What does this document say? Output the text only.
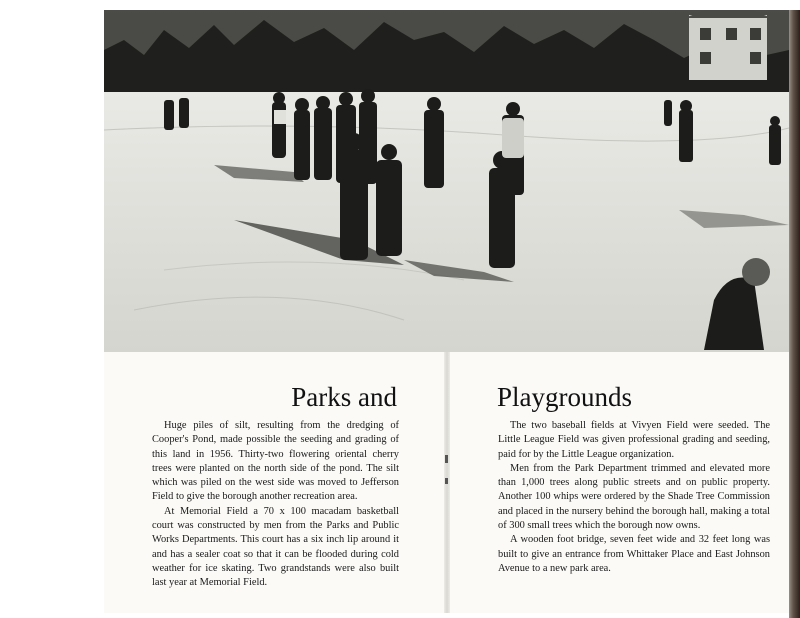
Parks and	Playgrounds

Huge piles of silt, resulting from the dredging of Cooper's Pond, made possible the seeding and grading of this land in 1956. Thirty-two flowering oriental cherry trees were planted on the north side of the pond. The silt which was piled on the west side was moved to Jefferson Field to give the borough another recreation area.

At Memorial Field a 70 x 100 macadam basketball court was constructed by men from the Parks and Public Works Departments. This court has a six inch lip around it and has a sealer coat so that it can be flooded during cold weather for ice skating. Two grandstands were also built last year at Memorial Field.

The two baseball fields at Vivyen Field were seeded. The Little League Field was given professional grading and seeding, paid for by the Little League organization.

Men from the Park Department trimmed and elevated more than 1,000 trees along public streets and on public property. Another 100 whips were ordered by the Shade Tree Commission and placed in the nursery behind the borough hall, making a total of 300 small trees which the borough now owns.

A wooden foot bridge, seven feet wide and 32 feet long was built to give an entrance from Whittaker Place and East Johnson Avenue to a new park area.
